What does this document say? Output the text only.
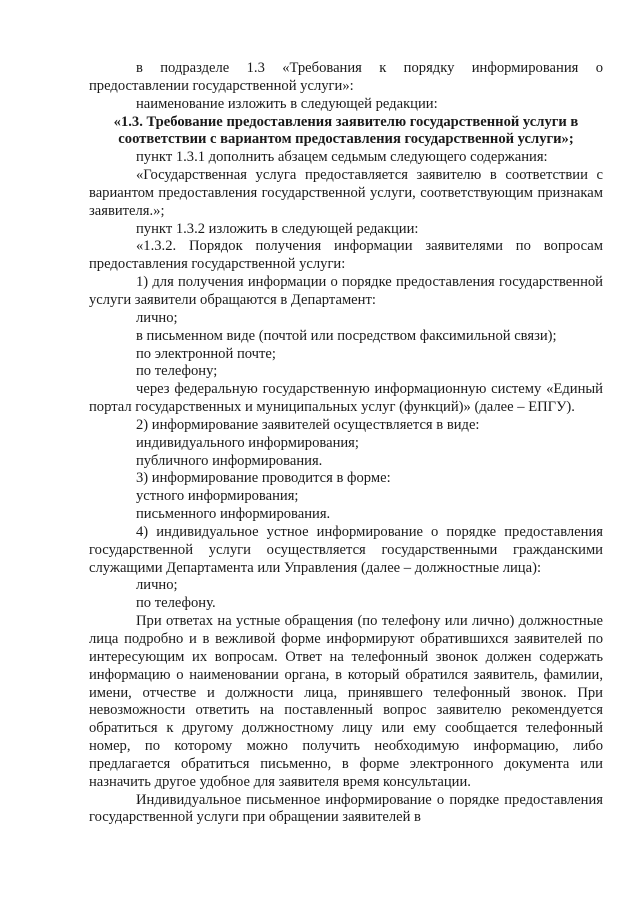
в подразделе 1.3 «Требования к порядку информирования о предоставлении государственной услуги»:

наименование изложить в следующей редакции:

«1.3. Требование предоставления заявителю государственной услуги в соответствии с вариантом предоставления государственной услуги»;

пункт 1.3.1 дополнить абзацем седьмым следующего содержания:

«Государственная услуга предоставляется заявителю в соответствии с вариантом предоставления государственной услуги, соответствующим признакам заявителя.»;

пункт 1.3.2 изложить в следующей редакции:

«1.3.2. Порядок получения информации заявителями по вопросам предоставления государственной услуги:

1) для получения информации о порядке предоставления государственной услуги заявители обращаются в Департамент:

лично;

в письменном виде (почтой или посредством факсимильной связи);

по электронной почте;

по телефону;

через федеральную государственную информационную систему «Единый портал государственных и муниципальных услуг (функций)» (далее – ЕПГУ).

2) информирование заявителей осуществляется в виде:

индивидуального информирования;

публичного информирования.

3) информирование проводится в форме:

устного информирования;

письменного информирования.

4) индивидуальное устное информирование о порядке предоставления государственной услуги осуществляется государственными гражданскими служащими Департамента или Управления (далее – должностные лица):

лично;

по телефону.

При ответах на устные обращения (по телефону или лично) должностные лица подробно и в вежливой форме информируют обратившихся заявителей по интересующим их вопросам. Ответ на телефонный звонок должен содержать информацию о наименовании органа, в который обратился заявитель, фамилии, имени, отчестве и должности лица, принявшего телефонный звонок. При невозможности ответить на поставленный вопрос заявителю рекомендуется обратиться к другому должностному лицу или ему сообщается телефонный номер, по которому можно получить необходимую информацию, либо предлагается обратиться письменно, в форме электронного документа или назначить другое удобное для заявителя время консультации.

Индивидуальное письменное информирование о порядке предоставления государственной услуги при обращении заявителей в
